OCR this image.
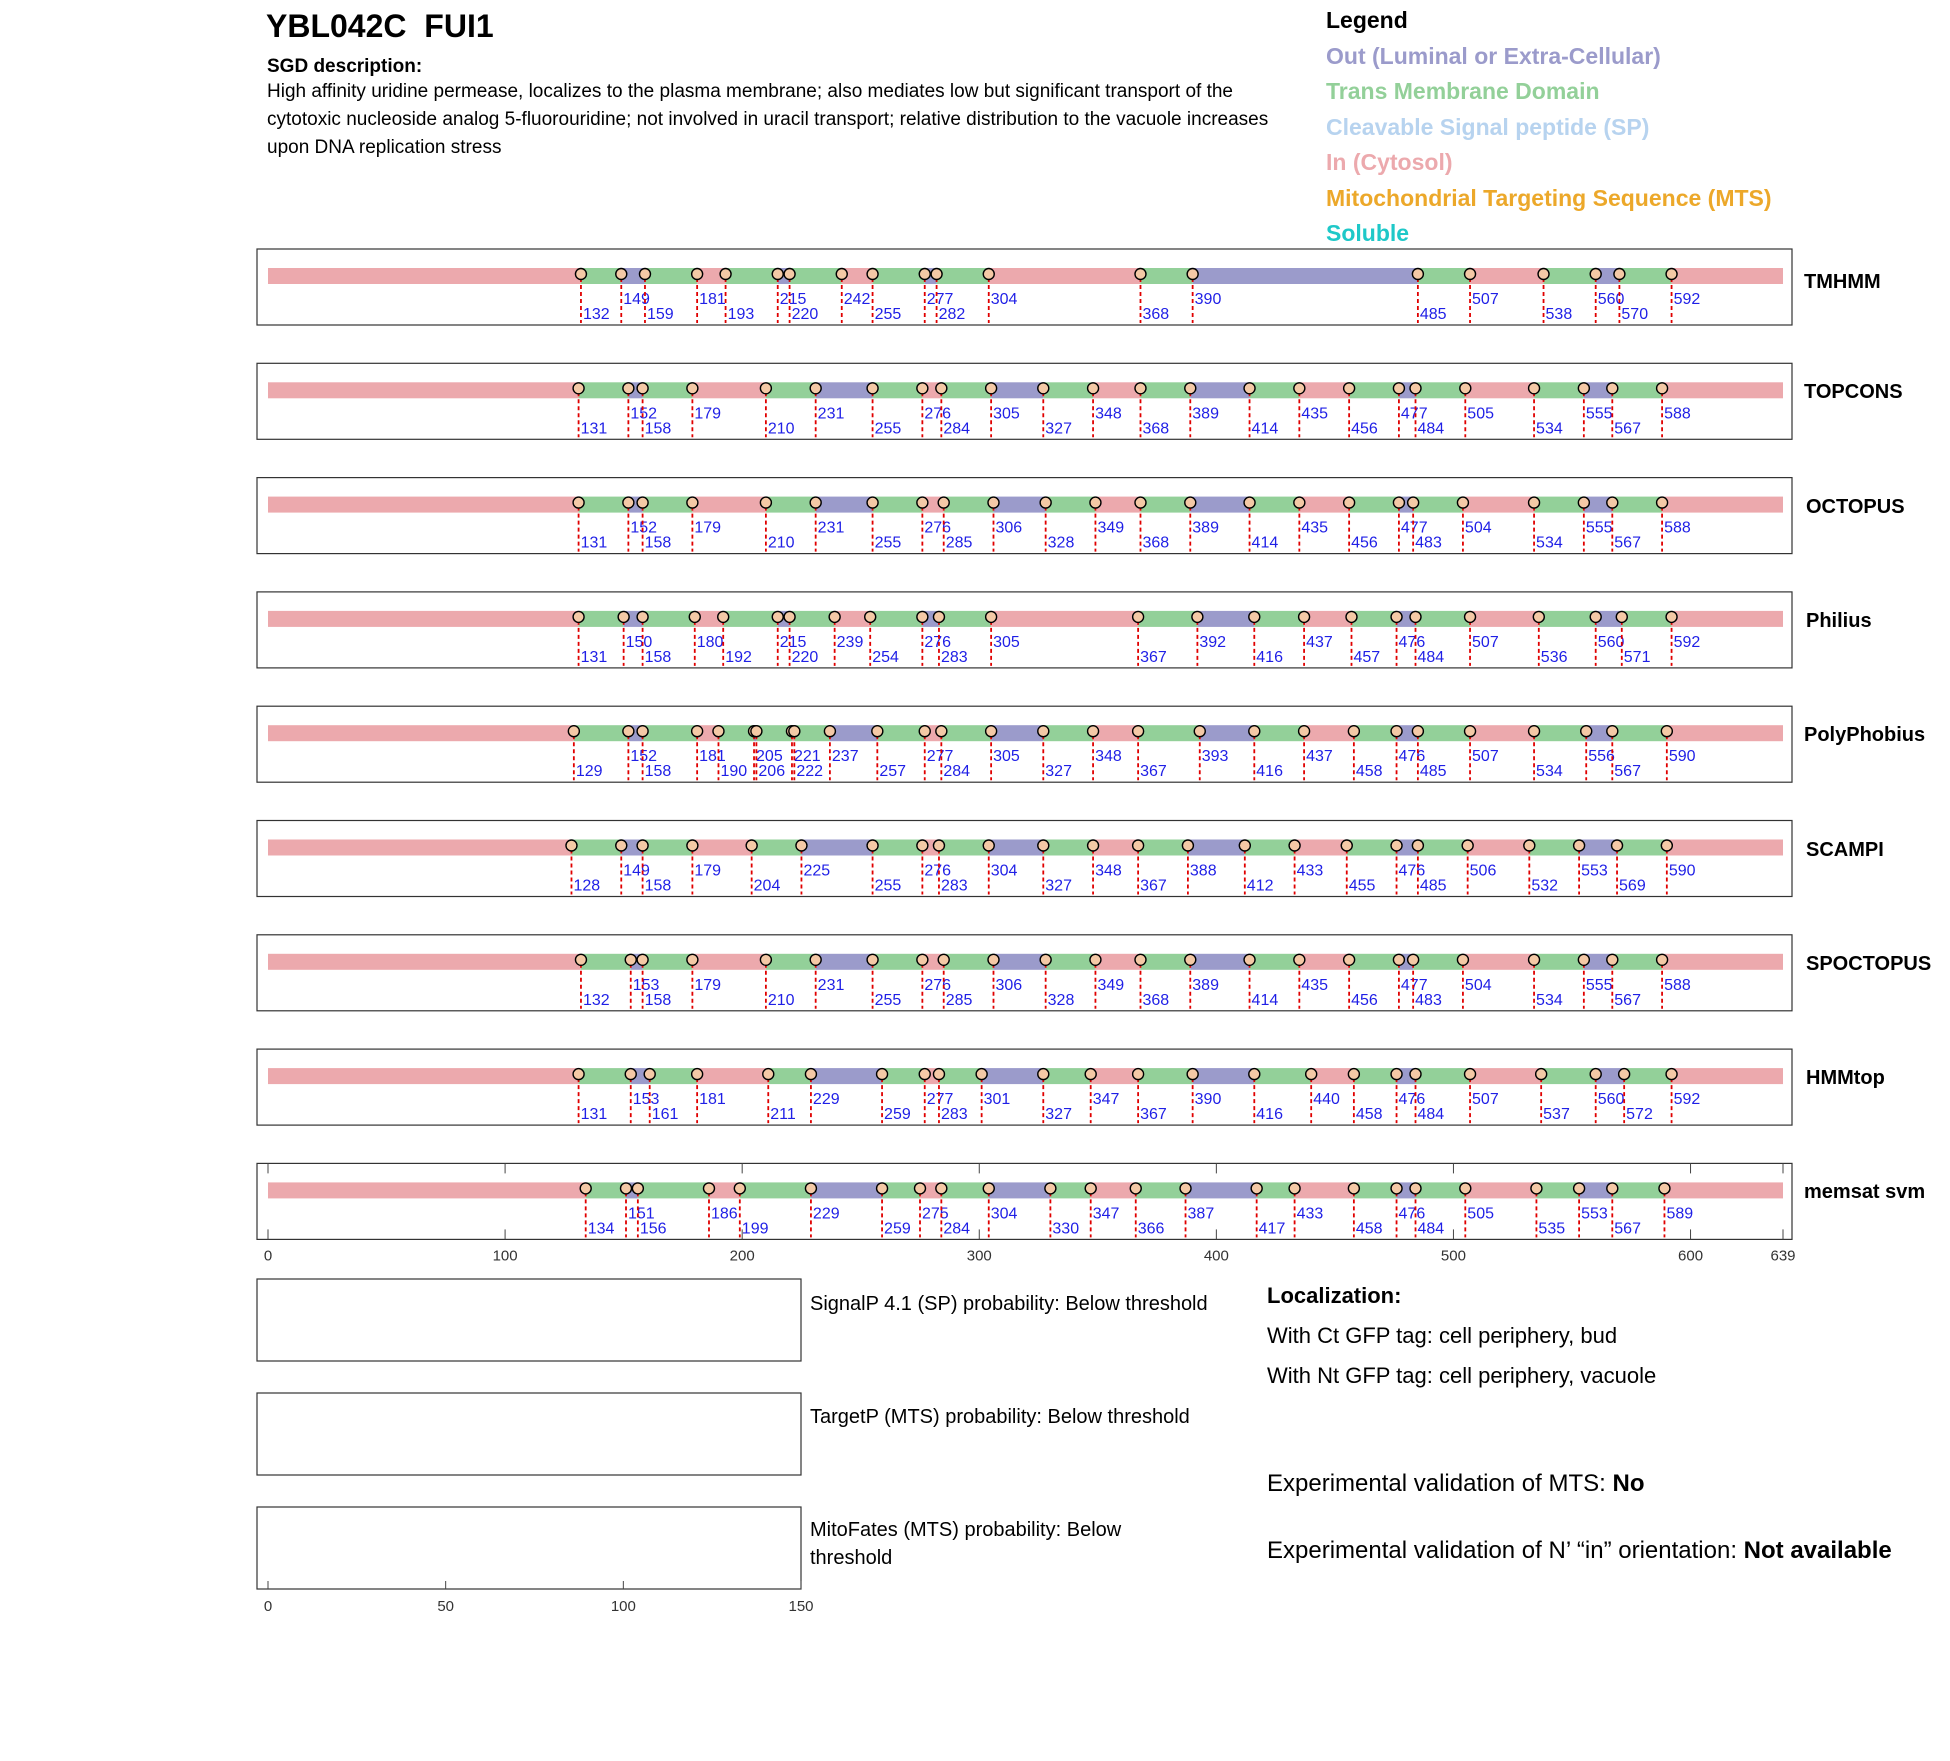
YBL042C  FUI1
SGD description:
High affinity uridine permease, localizes to the plasma membrane; also mediates low but significant transport of the cytotoxic nucleoside analog 5-fluorouridine; not involved in uracil transport; relative distribution to the vacuole increases upon DNA replication stress
Legend
Out (Luminal or Extra-Cellular)
Trans Membrane Domain
Cleavable Signal peptide (SP)
In (Cytosol)
Mitochondrial Targeting Sequence (MTS)
Soluble
132
149
159
181
193
215
220
242
255
277
282
304
368
390
485
507
538
560
570
592
131
152
158
179
210
231
255
276
284
305
327
348
368
389
414
435
456
477
484
505
534
555
567
588
131
152
158
179
210
231
255
276
285
306
328
349
368
389
414
435
456
477
483
504
534
555
567
588
131
150
158
180
192
215
220
239
254
276
283
305
367
392
416
437
457
476
484
507
536
560
571
592
129
152
158
181
190
205
206
221
222
237
257
277
284
305
327
348
367
393
416
437
458
476
485
507
534
556
567
590
128
149
158
179
204
225
255
276
283
304
327
348
367
388
412
433
455
476
485
506
532
553
569
590
132
153
158
179
210
231
255
276
285
306
328
349
368
389
414
435
456
477
483
504
534
555
567
588
131
153
161
181
211
229
259
277
283
301
327
347
367
390
416
440
458
476
484
507
537
560
572
592
134
151
156
186
199
229
259
275
284
304
330
347
366
387
417
433
458
476
484
505
535
553
567
589
0	100	200	300	400	500	600	639
0	50	100	150
TMHMM
TOPCONS
OCTOPUS
Philius
PolyPhobius
SCAMPI
SPOCTOPUS
HMMtop
memsat svm
SignalP 4.1 (SP) probability: Below threshold
TargetP (MTS) probability: Below threshold
MitoFates (MTS) probability: Below threshold
Localization:
With Ct GFP tag: cell periphery, bud
With Nt GFP tag: cell periphery, vacuole
Experimental validation of MTS: No
Experimental validation of N’ “in” orientation: Not available
